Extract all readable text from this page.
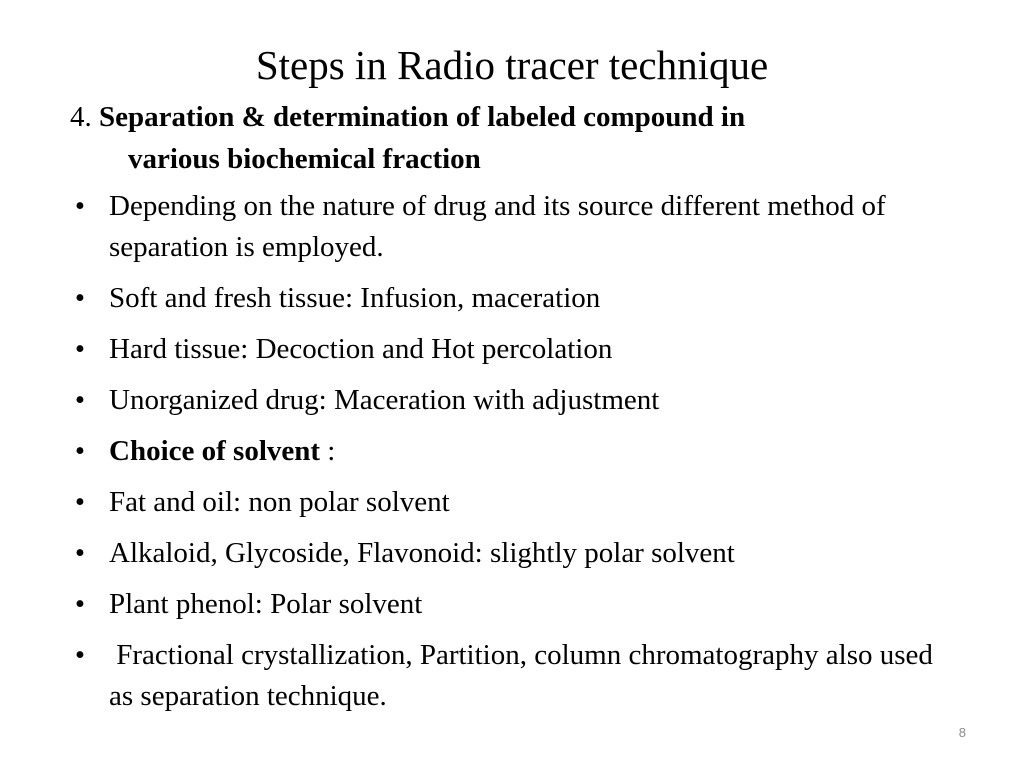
Steps in Radio tracer technique
4. Separation & determination of labeled compound in
various biochemical fraction
• Depending on the nature of drug and its source different method of separation is employed.
• Soft and fresh tissue: Infusion, maceration
• Hard tissue: Decoction and Hot percolation
• Unorganized drug: Maceration with adjustment
• Choice of solvent :
• Fat and oil: non polar solvent
• Alkaloid, Glycoside, Flavonoid: slightly polar solvent
• Plant phenol: Polar solvent
• Fractional crystallization, Partition, column chromatography also used as separation technique.
8
